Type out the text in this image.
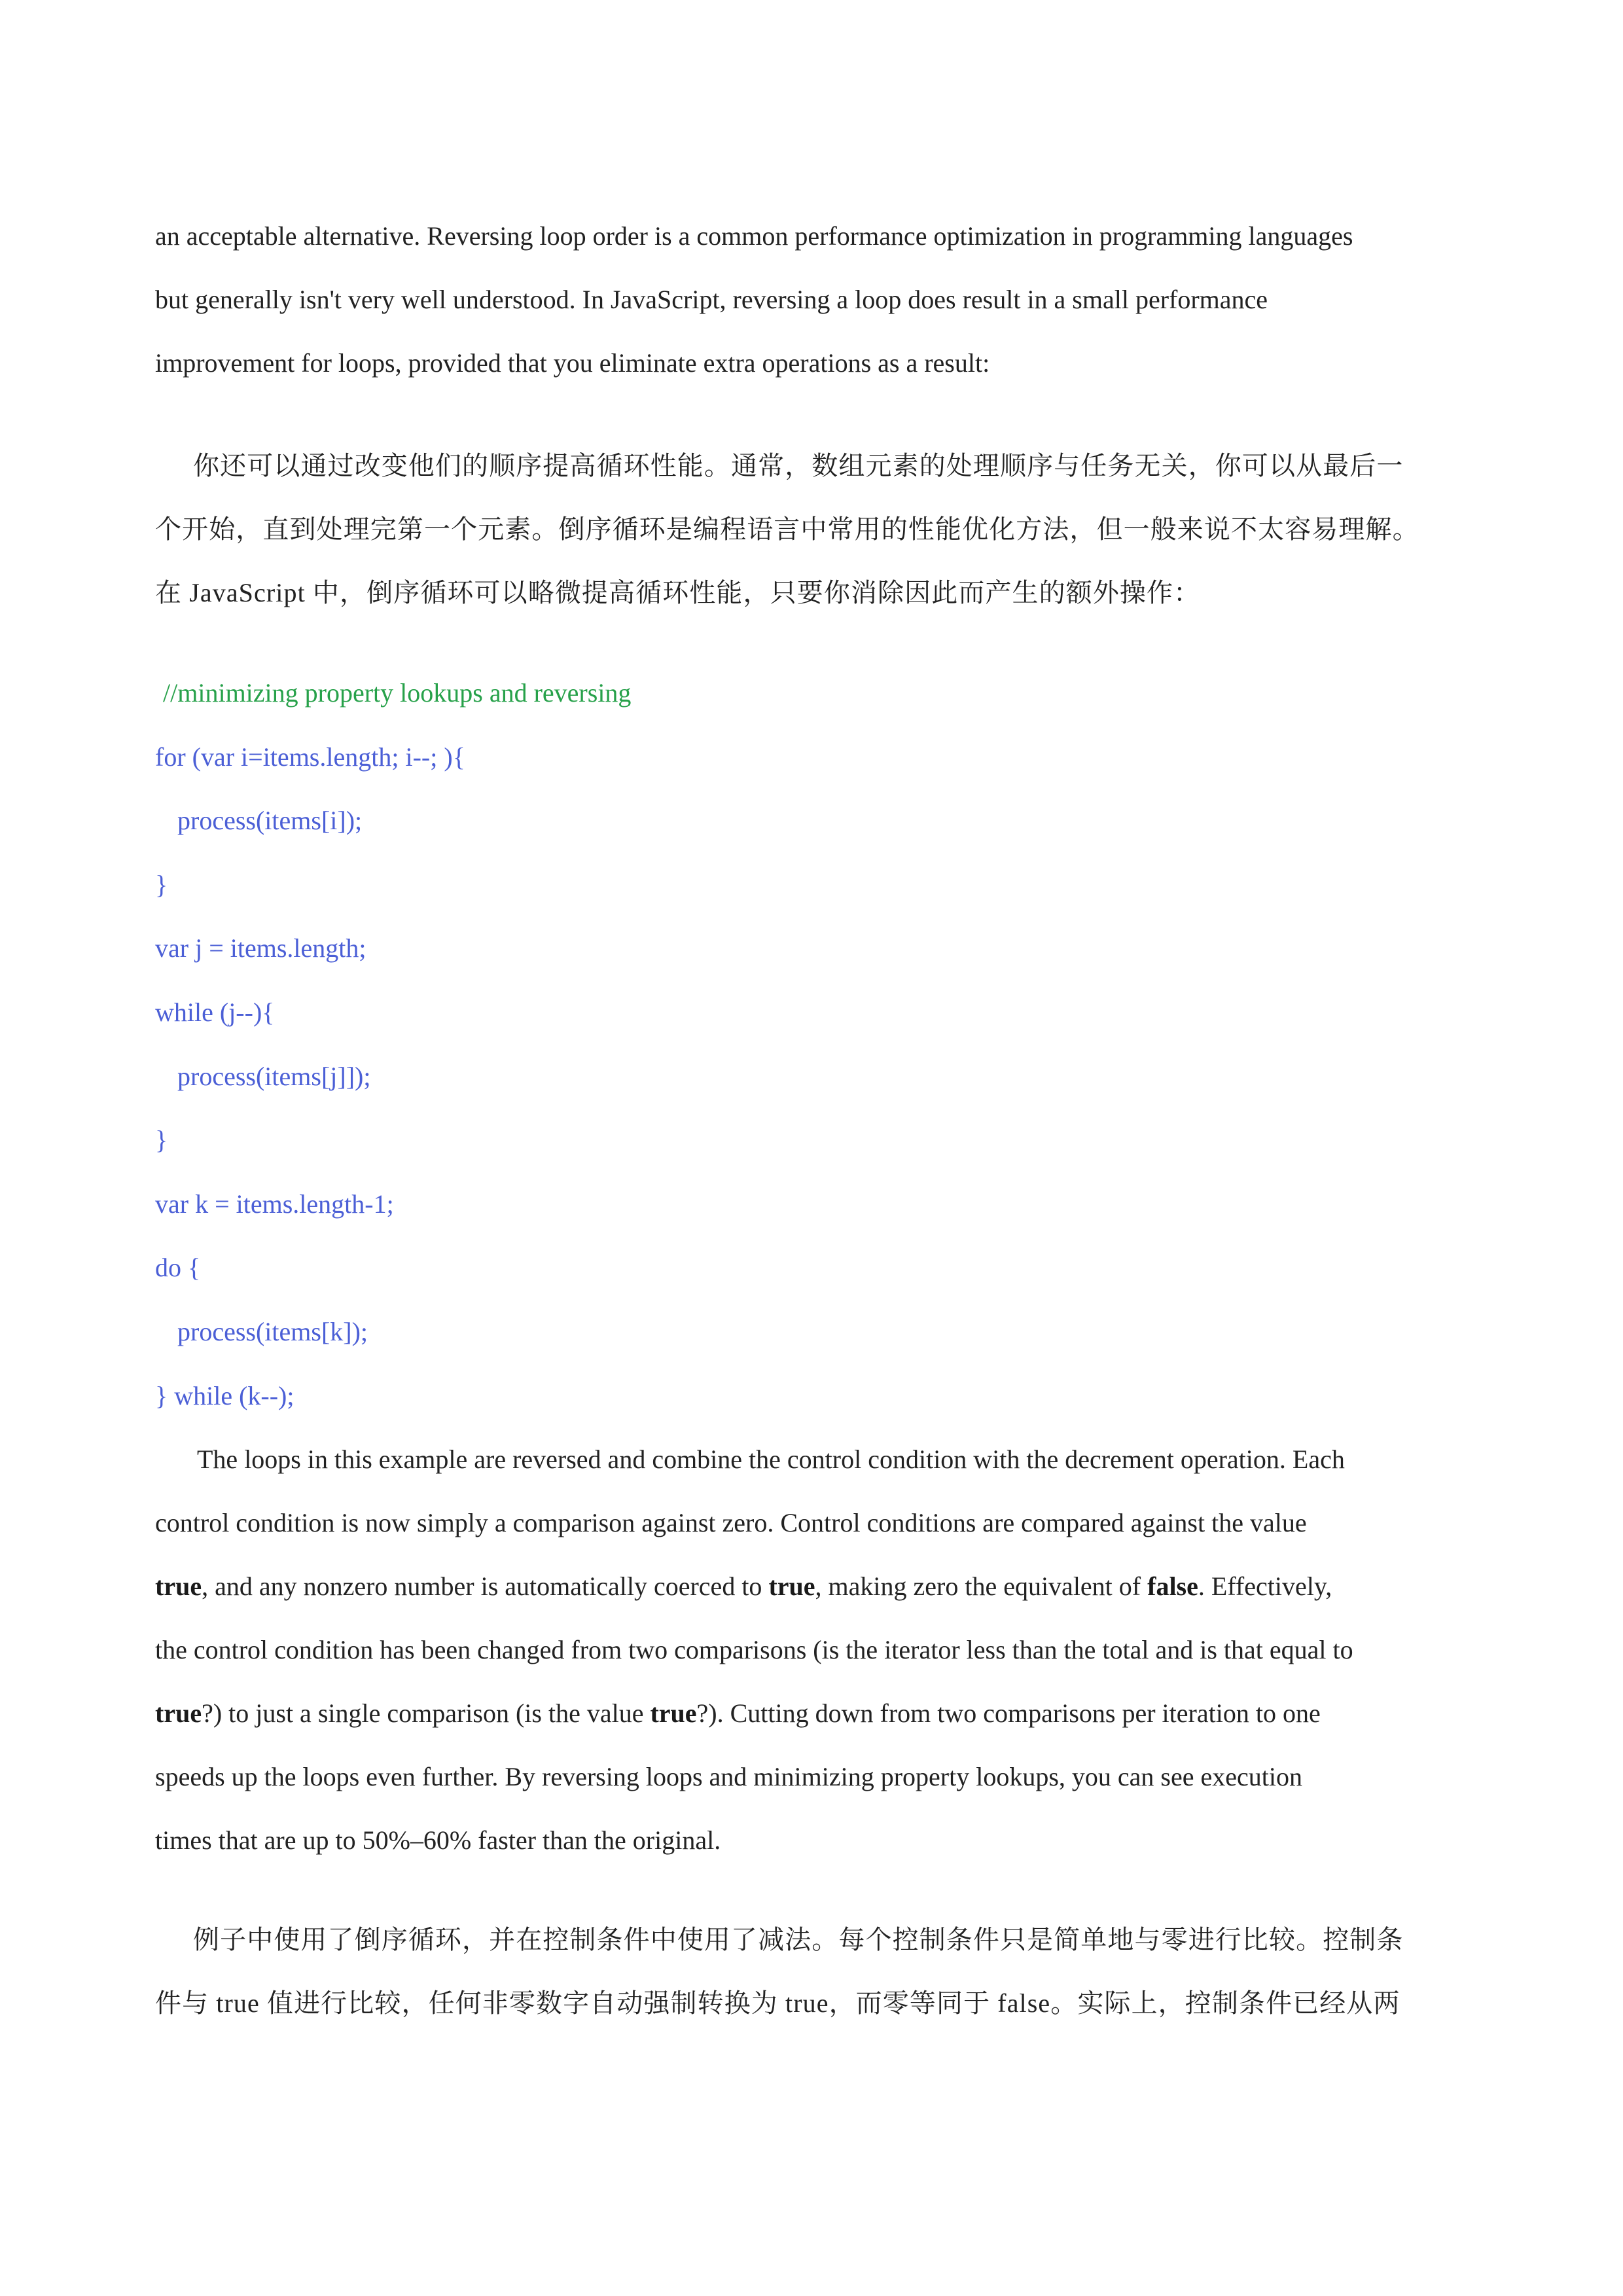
an acceptable alternative. Reversing loop order is a common performance optimization in programming languages
but generally isn't very well understood. In JavaScript, reversing a loop does result in a small performance
improvement for loops, provided that you eliminate extra operations as a result:

你还可以通过改变他们的顺序提高循环性能。通常，数组元素的处理顺序与任务无关，你可以从最后一
个开始，直到处理完第一个元素。倒序循环是编程语言中常用的性能优化方法，但一般来说不太容易理解。
在 JavaScript 中，倒序循环可以略微提高循环性能，只要你消除因此而产生的额外操作：

//minimizing property lookups and reversing
for (var i=items.length; i--; ){
process(items[i]);
}
var j = items.length;
while (j--){
process(items[j]]);
}
var k = items.length-1;
do {
process(items[k]);
} while (k--);

The loops in this example are reversed and combine the control condition with the decrement operation. Each
control condition is now simply a comparison against zero. Control conditions are compared against the value
true, and any nonzero number is automatically coerced to true, making zero the equivalent of false. Effectively,
the control condition has been changed from two comparisons (is the iterator less than the total and is that equal to
true?) to just a single comparison (is the value true?). Cutting down from two comparisons per iteration to one
speeds up the loops even further. By reversing loops and minimizing property lookups, you can see execution
times that are up to 50%–60% faster than the original.

例子中使用了倒序循环，并在控制条件中使用了减法。每个控制条件只是简单地与零进行比较。控制条
件与 true 值进行比较，任何非零数字自动强制转换为 true，而零等同于 false。实际上，控制条件已经从两
